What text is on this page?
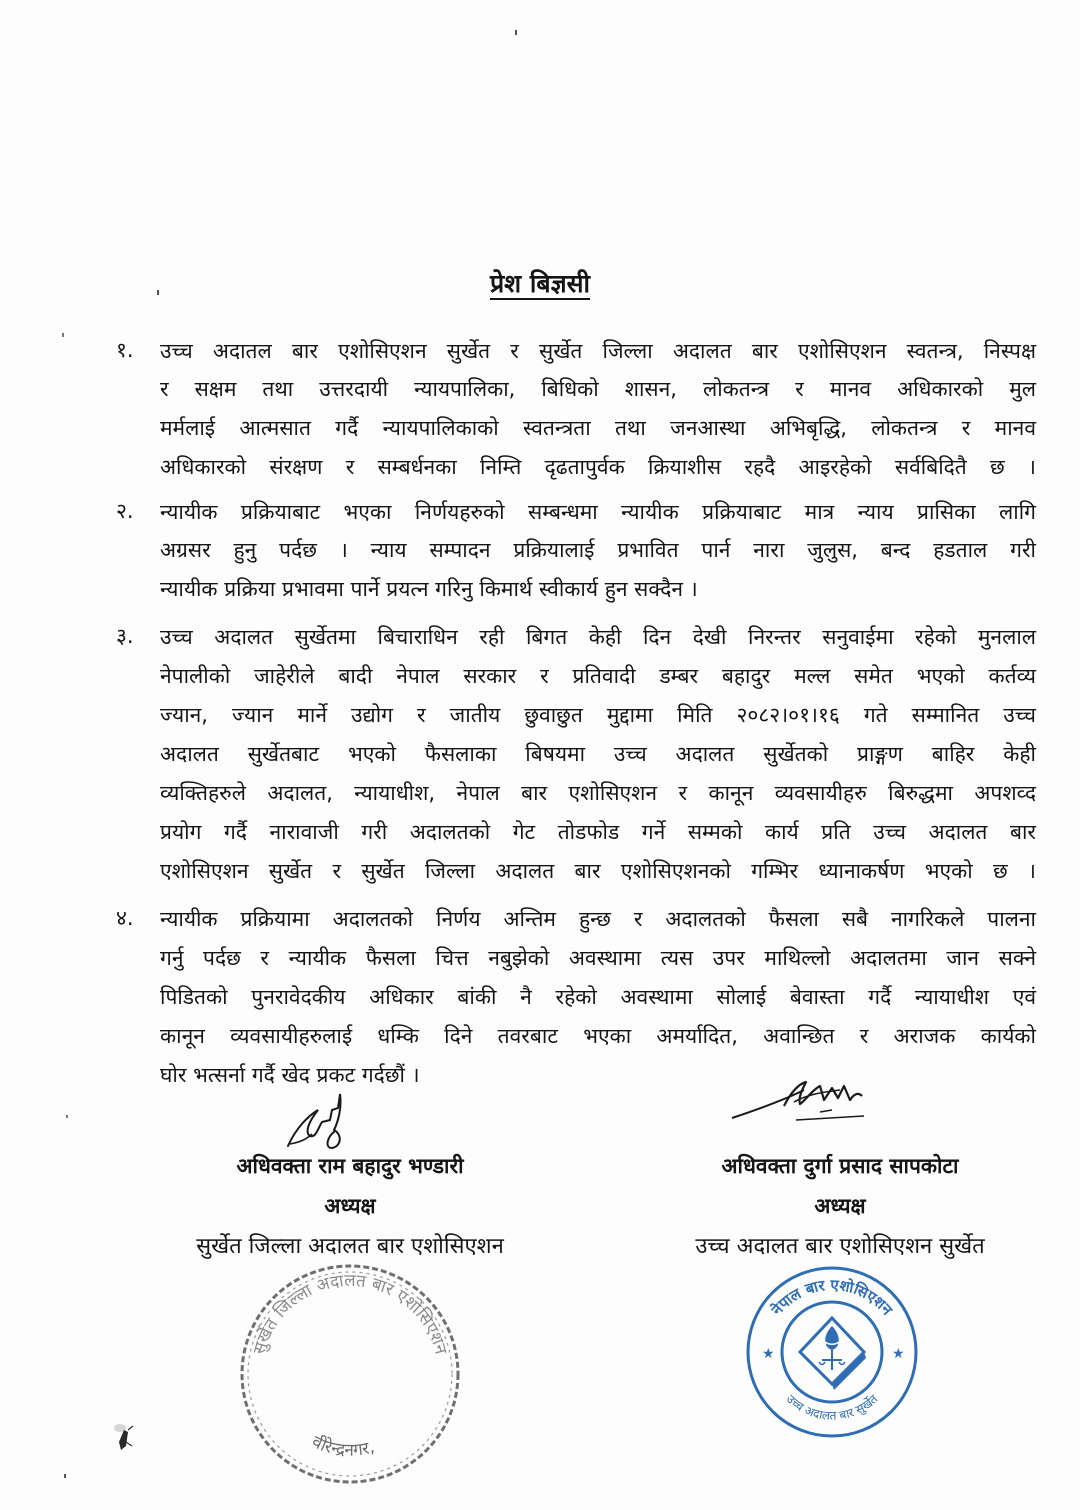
प्रेश बिज्ञसी
१. उच्च अदातल बार एशोसिएशन सुर्खेत र सुर्खेत जिल्ला अदालत बार एशोसिएशन स्वतन्त्र, निस्पक्ष
र सक्षम तथा उत्तरदायी न्यायपालिका, बिधिको शासन, लोकतन्त्र र मानव अधिकारको मुल
मर्मलाई आत्मसात गर्दै न्यायपालिकाको स्वतन्त्रता तथा जनआस्था अभिबृद्धि, लोकतन्त्र र मानव
अधिकारको संरक्षण र सम्बर्धनका निम्ति दृढतापुर्वक क्रियाशीस रहदै आइरहेको सर्वबिदितै छ ।
२. न्यायीक प्रक्रियाबाट भएका निर्णयहरुको सम्बन्धमा न्यायीक प्रक्रियाबाट मात्र न्याय प्रासिका लागि
अग्रसर हुनु पर्दछ । न्याय सम्पादन प्रक्रियालाई प्रभावित पार्न नारा जुलुस, बन्द हडताल गरी
न्यायीक प्रक्रिया प्रभावमा पार्ने प्रयत्न गरिनु किमार्थ स्वीकार्य हुन सक्दैन ।
३. उच्च अदालत सुर्खेतमा बिचाराधिन रही बिगत केही दिन देखी निरन्तर सनुवाईमा रहेको मुनलाल
नेपालीको जाहेरीले बादी नेपाल सरकार र प्रतिवादी डम्बर बहादुर मल्ल समेत भएको कर्तव्य
ज्यान, ज्यान मार्ने उद्योग र जातीय छुवाछुत मुद्दामा मिति २०८२।०१।१६ गते सम्मानित उच्च
अदालत सुर्खेतबाट भएको फैसलाका बिषयमा उच्च अदालत सुर्खेतको प्राङ्गण बाहिर केही
व्यक्तिहरुले अदालत, न्यायाधीश, नेपाल बार एशोसिएशन र कानून व्यवसायीहरु बिरुद्धमा अपशव्द
प्रयोग गर्दै नारावाजी गरी अदालतको गेट तोडफोड गर्ने सम्मको कार्य प्रति उच्च अदालत बार
एशोसिएशन सुर्खेत र सुर्खेत जिल्ला अदालत बार एशोसिएशनको गम्भिर ध्यानाकर्षण भएको छ ।
४. न्यायीक प्रक्रियामा अदालतको निर्णय अन्तिम हुन्छ र अदालतको फैसला सबै नागरिकले पालना
गर्नु पर्दछ र न्यायीक फैसला चित्त नबुझेको अवस्थामा त्यस उपर माथिल्लो अदालतमा जान सक्ने
पिडितको पुनरावेदकीय अधिकार बांकी नै रहेको अवस्थामा सोलाई बेवास्ता गर्दै न्यायाधीश एवं
कानून व्यवसायीहरुलाई धम्कि दिने तवरबाट भएका अमर्यादित, अवान्छित र अराजक कार्यको
घोर भत्सर्ना गर्दै खेद प्रकट गर्दछौं ।
अधिवक्ता राम बहादुर भण्डारी
अध्यक्ष
सुर्खेत जिल्ला अदालत बार एशोसिएशन
अधिवक्ता दुर्गा प्रसाद सापकोटा
अध्यक्ष
उच्च अदालत बार एशोसिएशन सुर्खेत
सुर्खेत जिल्ला अदालत बार एशोसिएशन
वीरेन्द्रनगर,
नेपाल बार एशोसिएशन
उच्च अदालत बार सुर्खेत
★	★
